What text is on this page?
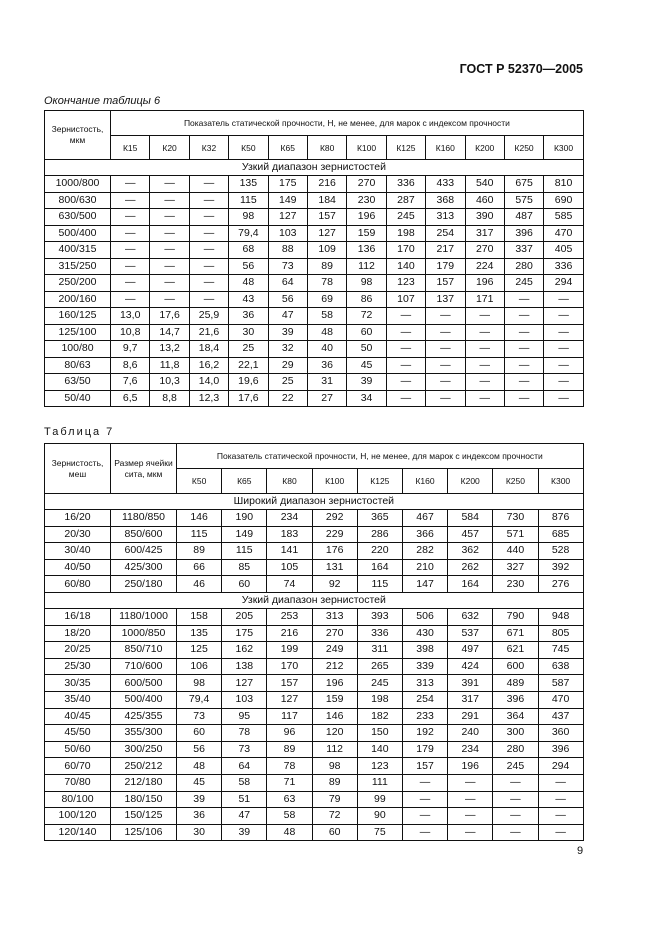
ГОСТ Р 52370—2005
Окончание таблицы 6
Зернистость, мкм	Показатель статической прочности, Н, не менее, для марок с индексом прочности											
	К15	К20	К32	К50	К65	К80	К100	К125	К160	К200	К250	К300
Узкий диапазон зернистостей												
1000/800	—	—	—	135	175	216	270	336	433	540	675	810
800/630	—	—	—	115	149	184	230	287	368	460	575	690
630/500	—	—	—	98	127	157	196	245	313	390	487	585
500/400	—	—	—	79,4	103	127	159	198	254	317	396	470
400/315	—	—	—	68	88	109	136	170	217	270	337	405
315/250	—	—	—	56	73	89	112	140	179	224	280	336
250/200	—	—	—	48	64	78	98	123	157	196	245	294
200/160	—	—	—	43	56	69	86	107	137	171	—	—
160/125	13,0	17,6	25,9	36	47	58	72	—	—	—	—	—
125/100	10,8	14,7	21,6	30	39	48	60	—	—	—	—	—
100/80	9,7	13,2	18,4	25	32	40	50	—	—	—	—	—
80/63	8,6	11,8	16,2	22,1	29	36	45	—	—	—	—	—
63/50	7,6	10,3	14,0	19,6	25	31	39	—	—	—	—	—
50/40	6,5	8,8	12,3	17,6	22	27	34	—	—	—	—	—
Таблица 7
Зернистость, меш	Размер ячейки сита, мкм	Показатель статической прочности, Н, не менее, для марок с индексом прочности								
		К50	К65	К80	К100	К125	К160	К200	К250	К300
Широкий диапазон зернистостей										
16/20	1180/850	146	190	234	292	365	467	584	730	876
20/30	850/600	115	149	183	229	286	366	457	571	685
30/40	600/425	89	115	141	176	220	282	362	440	528
40/50	425/300	66	85	105	131	164	210	262	327	392
60/80	250/180	46	60	74	92	115	147	164	230	276
Узкий диапазон зернистостей										
16/18	1180/1000	158	205	253	313	393	506	632	790	948
18/20	1000/850	135	175	216	270	336	430	537	671	805
20/25	850/710	125	162	199	249	311	398	497	621	745
25/30	710/600	106	138	170	212	265	339	424	600	638
30/35	600/500	98	127	157	196	245	313	391	489	587
35/40	500/400	79,4	103	127	159	198	254	317	396	470
40/45	425/355	73	95	117	146	182	233	291	364	437
45/50	355/300	60	78	96	120	150	192	240	300	360
50/60	300/250	56	73	89	112	140	179	234	280	396
60/70	250/212	48	64	78	98	123	157	196	245	294
70/80	212/180	45	58	71	89	111	—	—	—	—
80/100	180/150	39	51	63	79	99	—	—	—	—
100/120	150/125	36	47	58	72	90	—	—	—	—
120/140	125/106	30	39	48	60	75	—	—	—	—
9
